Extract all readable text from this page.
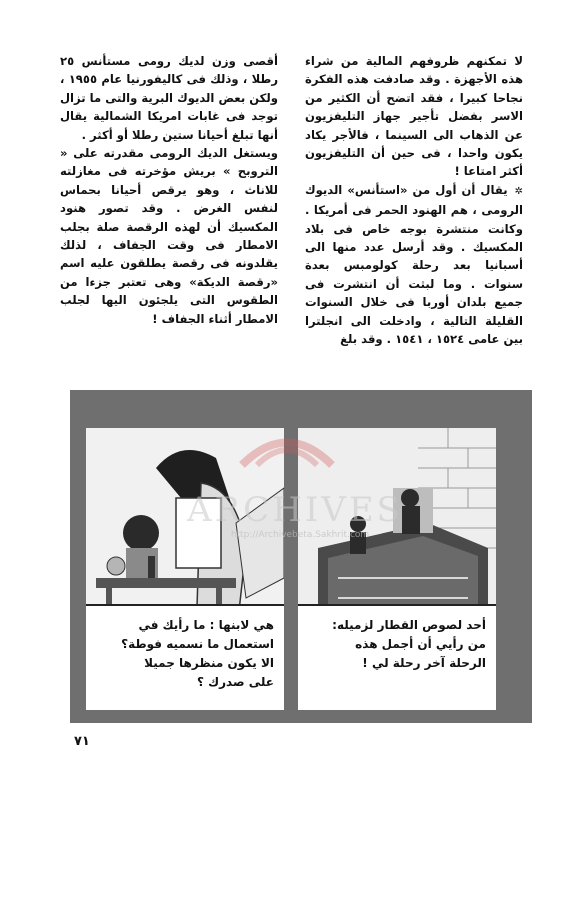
لا تمكنهم ظروفهم المالية من شراء هذه الأجهزة . وقد صادفت هذه الفكرة نجاحا كبيرا ، فقد اتضح أن الكثير من الاسر بفضل تأجير جهاز التليفزيون عن الذهاب الى السينما ، فالأجر يكاد يكون واحدا ، فى حين أن التليفزيون أكثر امتاعا !

✲ يقال أن أول من «استأنس» الديوك الرومى ، هم الهنود الحمر فى أمريكا . وكانت منتشرة بوجه خاص فى بلاد المكسيك . وقد أرسل عدد منها الى أسبانيا بعد رحلة كولومبس بعدة سنوات . وما لبثت أن انتشرت فى جميع بلدان أوربا فى خلال السنوات القليلة التالية ، وادخلت الى انجلترا بين عامى ١٥٢٤ ، ١٥٤١ . وقد بلغ

أقصى وزن لديك رومى مستأنس ٢٥ رطلا ، وذلك فى كاليفورنيا عام ١٩٥٥ ، ولكن بعض الديوك البرية والتى ما تزال توجد فى غابات امريكا الشمالية يقال أنها تبلغ أحيانا ستين رطلا أو أكثر .

ويستغل الديك الرومى مقدرته على « التروبح » بريش مؤخرته فى مغازلته للاناث ، وهو يرقص أحيانا بحماس لنفس الغرض . وقد تصور هنود المكسيك أن لهذه الرقصة صلة بجلب الامطار فى وقت الجفاف ، لذلك يقلدونه فى رقصة يطلقون عليه اسم «رقصة الديكة» وهى تعتبر جزءا من الطقوس التى يلجئون اليها لجلب الامطار أثناء الجفاف !

أحد لصوص القطار لزميله:

من رأيي أن أجمل هذه

الرحلة آخر رحلة لي !

هي لابنها : ما رأيك في

استعمال ما نسميه فوطة؟

الا يكون منظرها جميلا

على صدرك ؟

ARCHIVES
http://Archivebeta.Sakhrit.com
٧١
